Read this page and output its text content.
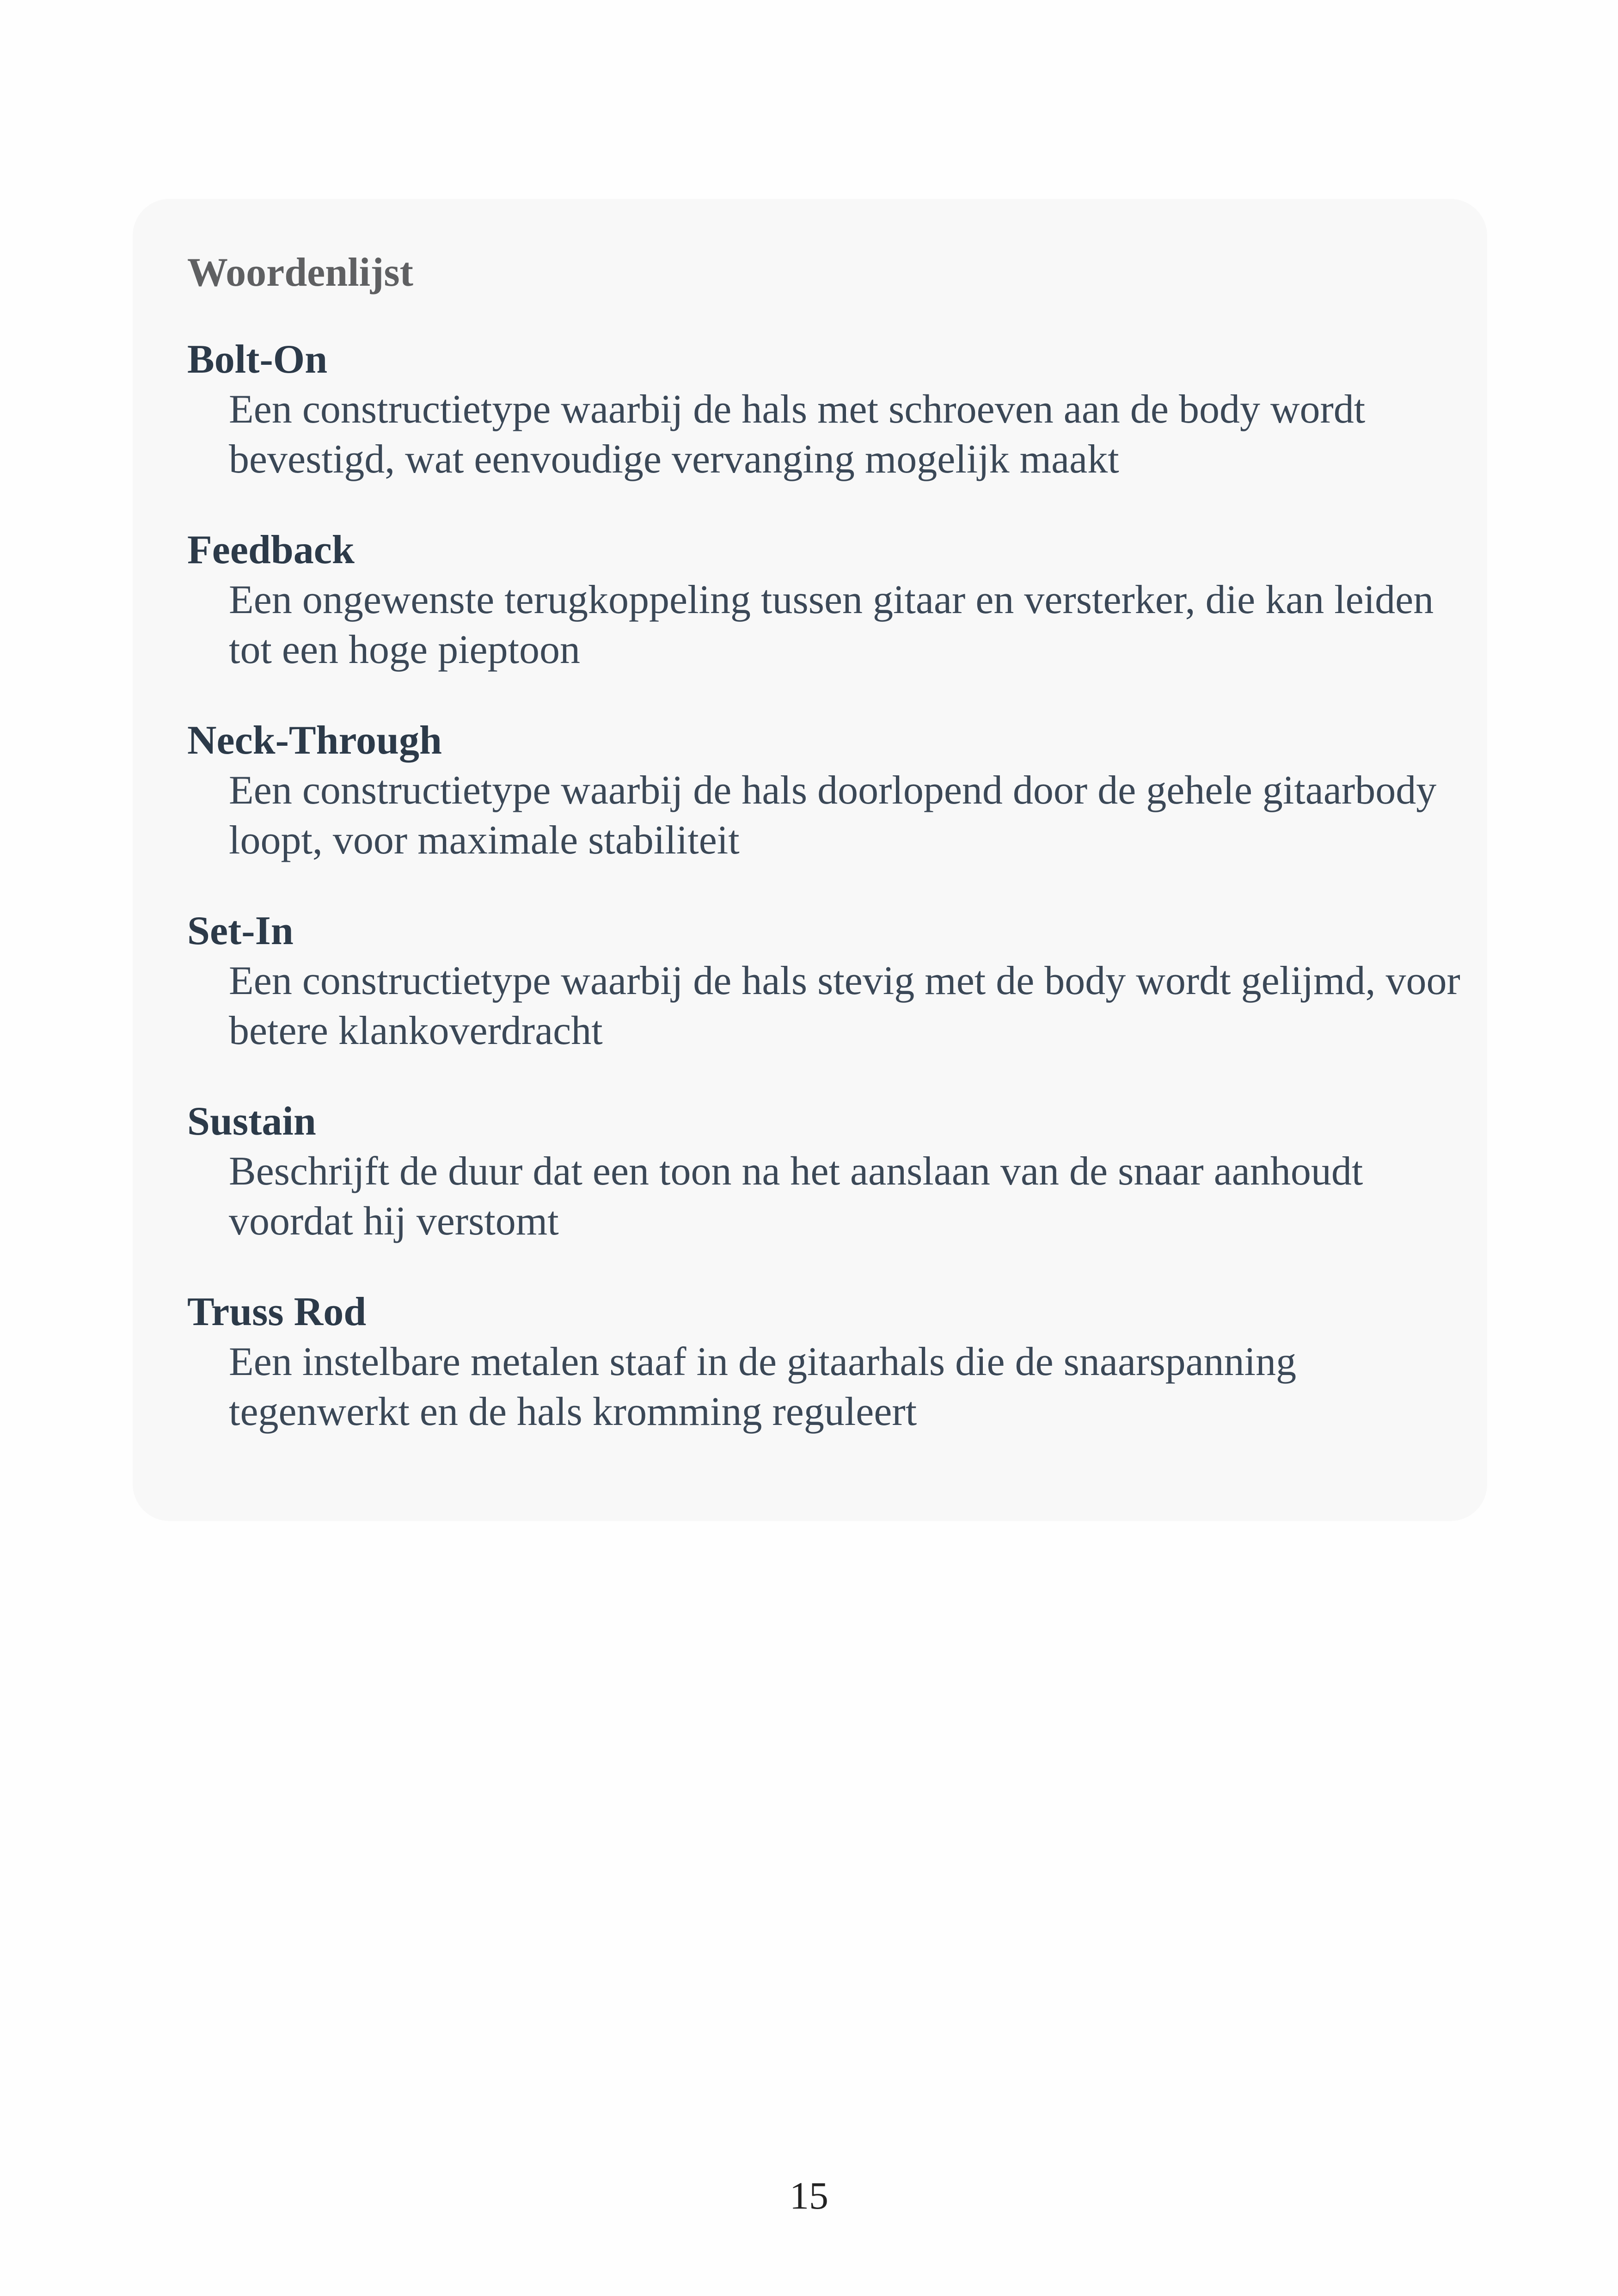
Woordenlijst
Bolt-On
Een constructietype waarbij de hals met schroeven aan de body wordt bevestigd, wat eenvoudige vervanging mogelijk maakt
Feedback
Een ongewenste terugkoppeling tussen gitaar en versterker, die kan leiden tot een hoge pieptoon
Neck-Through
Een constructietype waarbij de hals doorlopend door de gehele gitaarbody loopt, voor maximale stabiliteit
Set-In
Een constructietype waarbij de hals stevig met de body wordt gelijmd, voor betere klankoverdracht
Sustain
Beschrijft de duur dat een toon na het aanslaan van de snaar aanhoudt voordat hij verstomt
Truss Rod
Een instelbare metalen staaf in de gitaarhals die de snaarspanning tegenwerkt en de hals kromming reguleert
15
